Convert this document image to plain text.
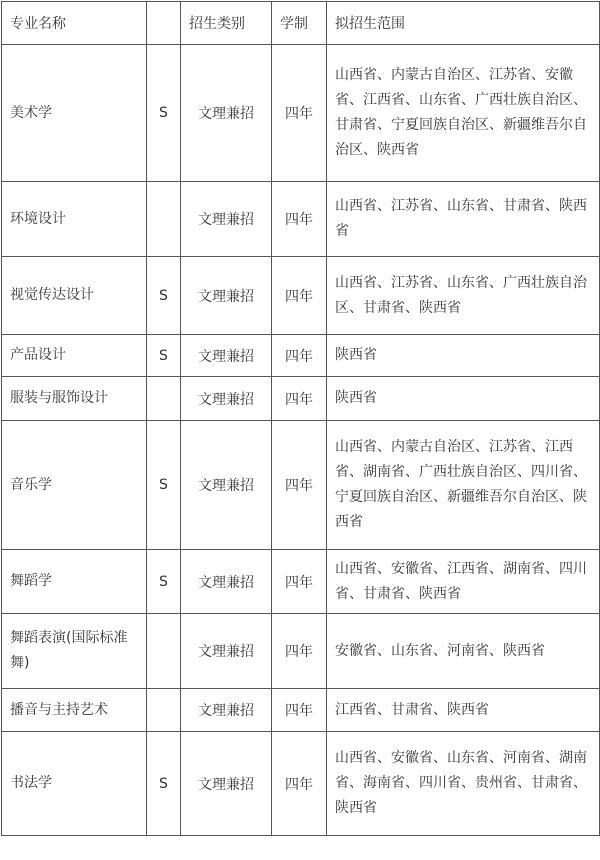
专业名称		招生类别	学制	拟招生范围
美术学	S	文理兼招	四年	山西省、内蒙古自治区、江苏省、安徽省、江西省、山东省、广西壮族自治区、甘肃省、宁夏回族自治区、新疆维吾尔自治区、陕西省
环境设计		文理兼招	四年	山西省、江苏省、山东省、甘肃省、陕西省
视觉传达设计	S	文理兼招	四年	山西省、江苏省、山东省、广西壮族自治区、甘肃省、陕西省
产品设计	S	文理兼招	四年	陕西省
服装与服饰设计		文理兼招	四年	陕西省
音乐学	S	文理兼招	四年	山西省、内蒙古自治区、江苏省、江西省、湖南省、广西壮族自治区、四川省、宁夏回族自治区、新疆维吾尔自治区、陕西省
舞蹈学	S	文理兼招	四年	山西省、安徽省、江西省、湖南省、四川省、甘肃省、陕西省
舞蹈表演(国际标准舞)		文理兼招	四年	安徽省、山东省、河南省、陕西省
播音与主持艺术		文理兼招	四年	江西省、甘肃省、陕西省
书法学	S	文理兼招	四年	山西省、安徽省、山东省、河南省、湖南省、海南省、四川省、贵州省、甘肃省、陕西省
